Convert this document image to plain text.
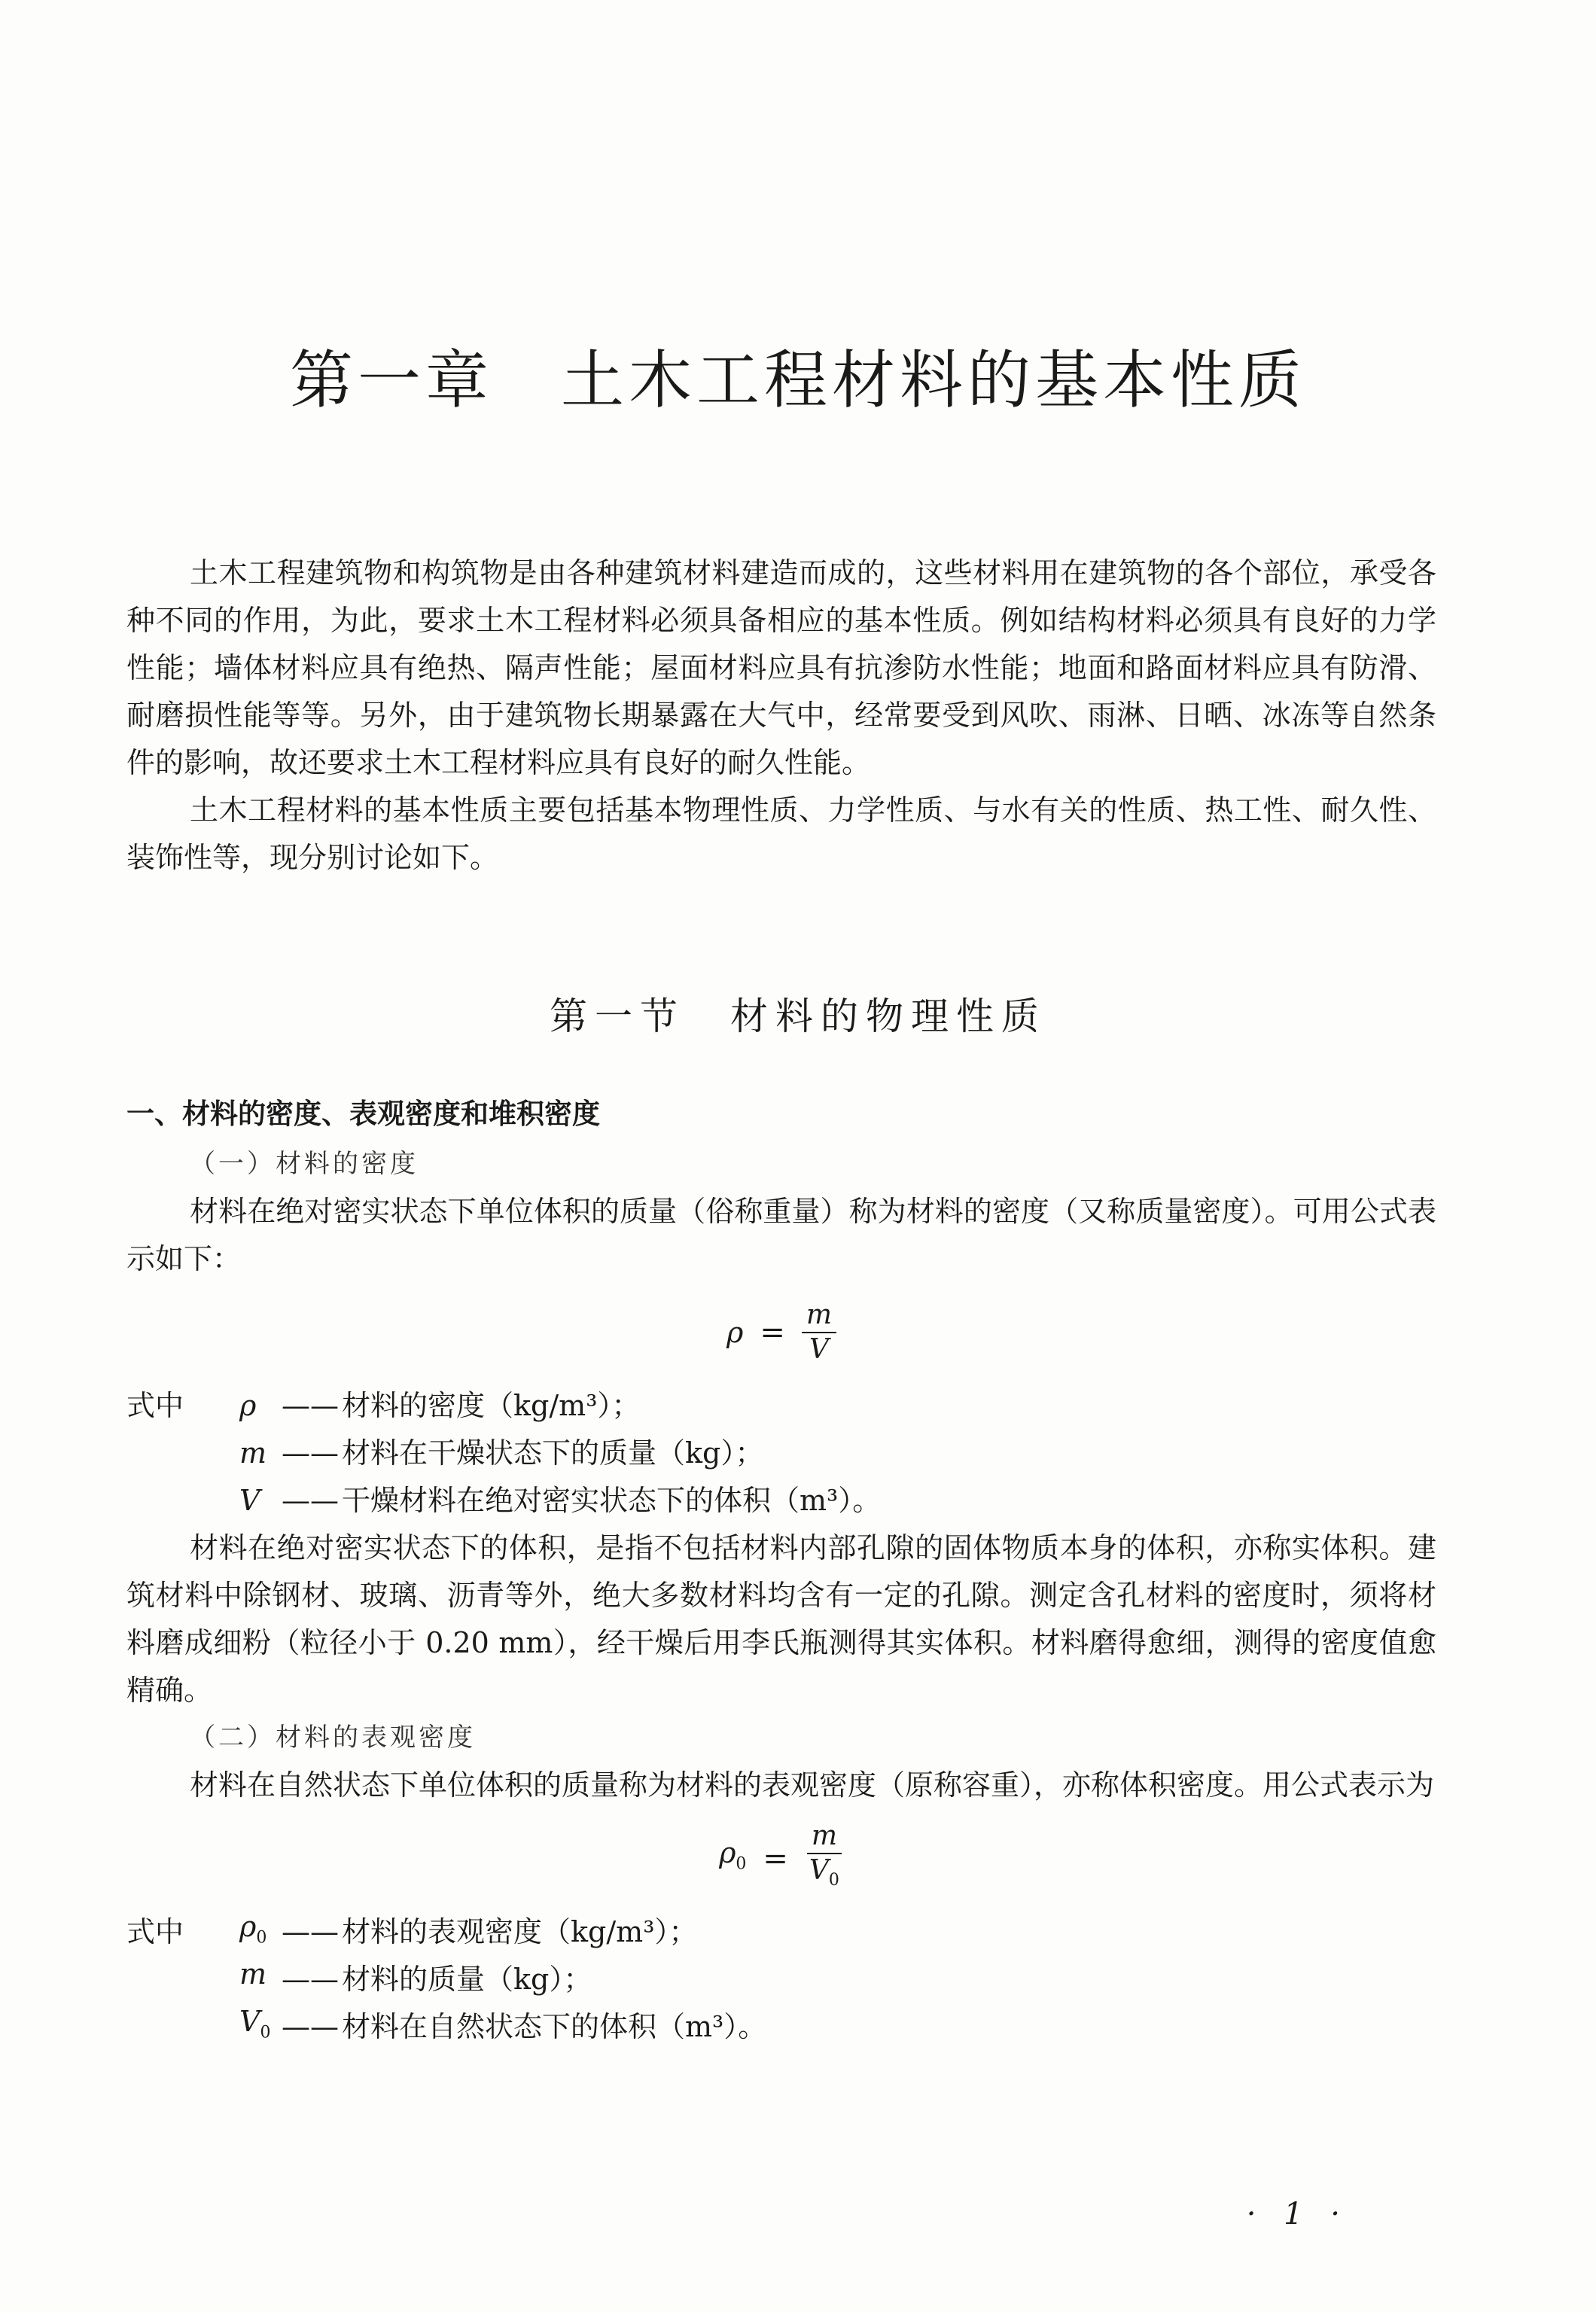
第一章　土木工程材料的基本性质

土木工程建筑物和构筑物是由各种建筑材料建造而成的，这些材料用在建筑物的各个部位，承受各种不同的作用，为此，要求土木工程材料必须具备相应的基本性质。例如结构材料必须具有良好的力学性能；墙体材料应具有绝热、隔声性能；屋面材料应具有抗渗防水性能；地面和路面材料应具有防滑、耐磨损性能等等。另外，由于建筑物长期暴露在大气中，经常要受到风吹、雨淋、日晒、冰冻等自然条件的影响，故还要求土木工程材料应具有良好的耐久性能。

土木工程材料的基本性质主要包括基本物理性质、力学性质、与水有关的性质、热工性、耐久性、装饰性等，现分别讨论如下。

第一节　材料的物理性质

一、材料的密度、表观密度和堆积密度

（一）材料的密度

材料在绝对密实状态下单位体积的质量（俗称重量）称为材料的密度（又称质量密度）。可用公式表示如下：

$\rho = \frac{m}{V}$
式中	ρ —— 材料的密度（kg/m³）；
m —— 材料在干燥状态下的质量（kg）；
V —— 干燥材料在绝对密实状态下的体积（m³）。

材料在绝对密实状态下的体积，是指不包括材料内部孔隙的固体物质本身的体积，亦称实体积。建筑材料中除钢材、玻璃、沥青等外，绝大多数材料均含有一定的孔隙。测定含孔材料的密度时，须将材料磨成细粉（粒径小于 0.20 mm），经干燥后用李氏瓶测得其实体积。材料磨得愈细，测得的密度值愈精确。

（二）材料的表观密度

材料在自然状态下单位体积的质量称为材料的表观密度（原称容重），亦称体积密度。用公式表示为

$\rho_0 = \frac{m}{V_0}$
式中	$\rho_0$ —— 材料的表观密度（kg/m³）；
m —— 材料的质量（kg）；
$V_0$ —— 材料在自然状态下的体积（m³）。
· 1 ·
